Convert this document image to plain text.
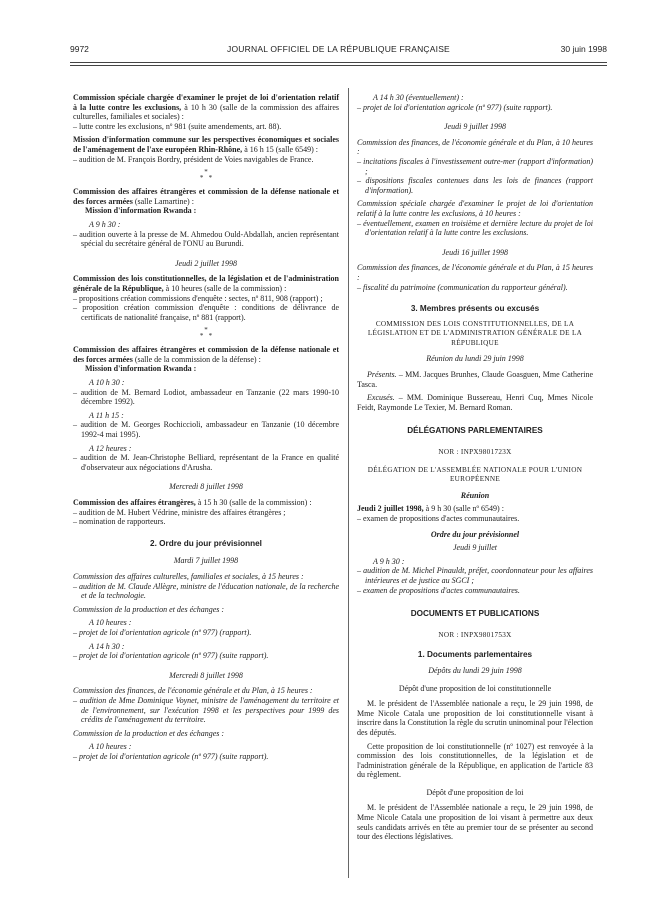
9972	JOURNAL OFFICIEL DE LA RÉPUBLIQUE FRANÇAISE	30 juin 1998

Commission spéciale chargée d'examiner le projet de loi d'orientation relatif à la lutte contre les exclusions, à 10 h 30 (salle de la commission des affaires culturelles, familiales et sociales) :

– lutte contre les exclusions, nº 981 (suite amendements, art. 88).

Mission d'information commune sur les perspectives économiques et sociales de l'aménagement de l'axe européen Rhin-Rhône, à 16 h 15 (salle 6549) :

– audition de M. François Bordry, président de Voies navigables de France.

*
*   *

Commission des affaires étrangères et commission de la défense nationale et des forces armées (salle Lamartine) :

Mission d'information Rwanda :

A 9 h 30 :

– audition ouverte à la presse de M. Ahmedou Ould-Abdallah, ancien représentant spécial du secrétaire général de l'ONU au Burundi.

Jeudi 2 juillet 1998

Commission des lois constitutionnelles, de la législation et de l'administration générale de la République, à 10 heures (salle de la commission) :

– propositions création commissions d'enquête : sectes, nº 811, 908 (rapport) ;

– proposition création commission d'enquête : conditions de délivrance de certificats de nationalité française, nº 881 (rapport).

*
*   *

Commission des affaires étrangères et commission de la défense nationale et des forces armées (salle de la commission de la défense) :

Mission d'information Rwanda :

A 10 h 30 :

– audition de M. Bernard Lodiot, ambassadeur en Tanzanie (22 mars 1990-10 décembre 1992).

A 11 h 15 :

– audition de M. Georges Rochiccioli, ambassadeur en Tanzanie (10 décembre 1992-4 mai 1995).

A 12 heures :

– audition de M. Jean-Christophe Belliard, représentant de la France en qualité d'observateur aux négociations d'Arusha.

Mercredi 8 juillet 1998

Commission des affaires étrangères, à 15 h 30 (salle de la commission) :

– audition de M. Hubert Védrine, ministre des affaires étrangères ;

– nomination de rapporteurs.

2. Ordre du jour prévisionnel

Mardi 7 juillet 1998

Commission des affaires culturelles, familiales et sociales, à 15 heures :

– audition de M. Claude Allègre, ministre de l'éducation nationale, de la recherche et de la technologie.

Commission de la production et des échanges :

A 10 heures :

– projet de loi d'orientation agricole (nº 977) (rapport).

A 14 h 30 :

– projet de loi d'orientation agricole (nº 977) (suite rapport).

Mercredi 8 juillet 1998

Commission des finances, de l'économie générale et du Plan, à 15 heures :

– audition de Mme Dominique Voynet, ministre de l'aménagement du territoire et de l'environnement, sur l'exécution 1998 et les perspectives pour 1999 des crédits de l'aménagement du territoire.

Commission de la production et des échanges :

A 10 heures :

– projet de loi d'orientation agricole (nº 977) (suite rapport).

A 14 h 30 (éventuellement) :

– projet de loi d'orientation agricole (nº 977) (suite rapport).

Jeudi 9 juillet 1998

Commission des finances, de l'économie générale et du Plan, à 10 heures :

– incitations fiscales à l'investissement outre-mer (rapport d'information) ;

– dispositions fiscales contenues dans les lois de finances (rapport d'information).

Commission spéciale chargée d'examiner le projet de loi d'orientation relatif à la lutte contre les exclusions, à 10 heures :

– éventuellement, examen en troisième et dernière lecture du projet de loi d'orientation relatif à la lutte contre les exclusions.

Jeudi 16 juillet 1998

Commission des finances, de l'économie générale et du Plan, à 15 heures :

– fiscalité du patrimoine (communication du rapporteur général).

3. Membres présents ou excusés

COMMISSION DES LOIS CONSTITUTIONNELLES, DE LA LÉGISLATION ET DE L'ADMINISTRATION GÉNÉRALE DE LA RÉPUBLIQUE

Réunion du lundi 29 juin 1998

Présents. – MM. Jacques Brunhes, Claude Goasguen, Mme Catherine Tasca.

Excusés. – MM. Dominique Bussereau, Henri Cuq, Mmes Nicole Feidt, Raymonde Le Texier, M. Bernard Roman.

DÉLÉGATIONS PARLEMENTAIRES

NOR : INPX9801723X

DÉLÉGATION DE L'ASSEMBLÉE NATIONALE POUR L'UNION EUROPÉENNE

Réunion

Jeudi 2 juillet 1998, à 9 h 30 (salle nº 6549) :

– examen de propositions d'actes communautaires.

Ordre du jour prévisionnel

Jeudi 9 juillet

A 9 h 30 :

– audition de M. Michel Pinauldt, préfet, coordonnateur pour les affaires intérieures et de justice au SGCI ;

– examen de propositions d'actes communautaires.

DOCUMENTS ET PUBLICATIONS

NOR : INPX9801753X

1. Documents parlementaires

Dépôts du lundi 29 juin 1998

Dépôt d'une proposition de loi constitutionnelle

M. le président de l'Assemblée nationale a reçu, le 29 juin 1998, de Mme Nicole Catala une proposition de loi constitutionnelle visant à inscrire dans la Constitution la règle du scrutin uninominal pour l'élection des députés.

Cette proposition de loi constitutionnelle (nº 1027) est renvoyée à la commission des lois constitutionnelles, de la législation et de l'administration générale de la République, en application de l'article 83 du règlement.

Dépôt d'une proposition de loi

M. le président de l'Assemblée nationale a reçu, le 29 juin 1998, de Mme Nicole Catala une proposition de loi visant à permettre aux deux seuls candidats arrivés en tête au premier tour de se présenter au second tour des élections législatives.
